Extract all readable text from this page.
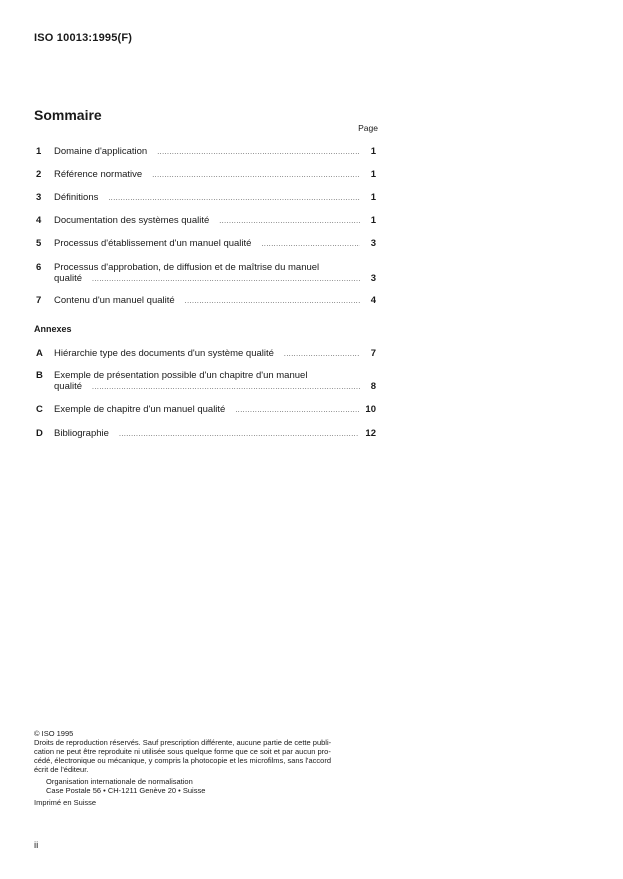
ISO 10013:1995(F)
Sommaire
Page
1 Domaine d'application .....	1
2 Référence normative .....	1
3 Définitions .....	1
4 Documentation des systèmes qualité .....	1
5 Processus d'établissement d'un manuel qualité .....	3
6 Processus d'approbation, de diffusion et de maîtrise du manuel
qualité .....	3
7 Contenu d'un manuel qualité .....	4
Annexes
A Hiérarchie type des documents d'un système qualité .....	7
B Exemple de présentation possible d'un chapitre d'un manuel
qualité .....	8
C Exemple de chapitre d'un manuel qualité .....	10
D Bibliographie .....	12

© ISO 1995

Droits de reproduction réservés. Sauf prescription différente, aucune partie de cette publi-

cation ne peut être reproduite ni utilisée sous quelque forme que ce soit et par aucun pro-

cédé, électronique ou mécanique, y compris la photocopie et les microfilms, sans l'accord

écrit de l'éditeur.

Organisation internationale de normalisation

Case Postale 56 • CH-1211 Genève 20 • Suisse

Imprimé en Suisse

ii
